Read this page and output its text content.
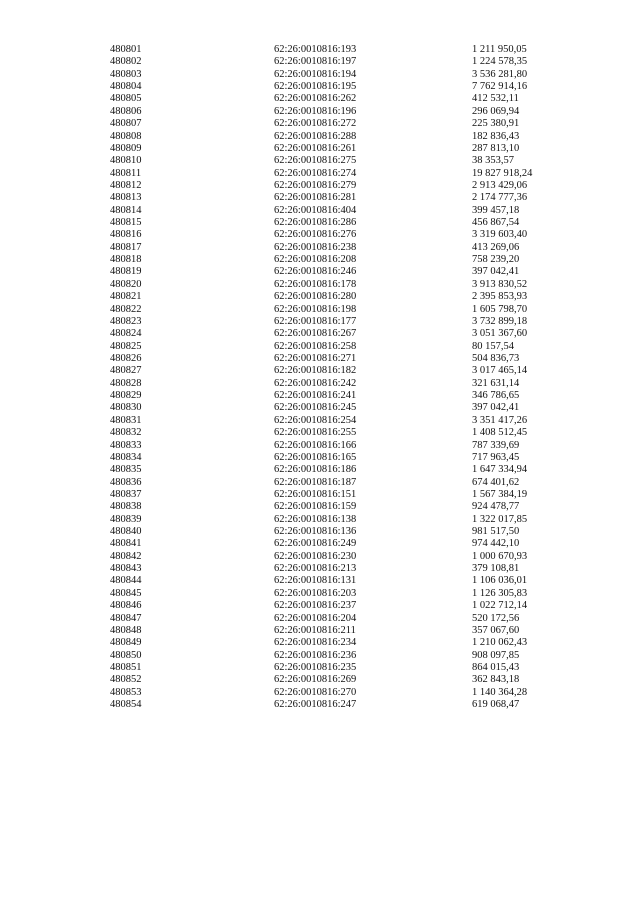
480801	62:26:0010816:193	1 211 950,05
480802	62:26:0010816:197	1 224 578,35
480803	62:26:0010816:194	3 536 281,80
480804	62:26:0010816:195	7 762 914,16
480805	62:26:0010816:262	412 532,11
480806	62:26:0010816:196	296 069,94
480807	62:26:0010816:272	225 380,91
480808	62:26:0010816:288	182 836,43
480809	62:26:0010816:261	287 813,10
480810	62:26:0010816:275	38 353,57
480811	62:26:0010816:274	19 827 918,24
480812	62:26:0010816:279	2 913 429,06
480813	62:26:0010816:281	2 174 777,36
480814	62:26:0010816:404	399 457,18
480815	62:26:0010816:286	456 867,54
480816	62:26:0010816:276	3 319 603,40
480817	62:26:0010816:238	413 269,06
480818	62:26:0010816:208	758 239,20
480819	62:26:0010816:246	397 042,41
480820	62:26:0010816:178	3 913 830,52
480821	62:26:0010816:280	2 395 853,93
480822	62:26:0010816:198	1 605 798,70
480823	62:26:0010816:177	3 732 899,18
480824	62:26:0010816:267	3 051 367,60
480825	62:26:0010816:258	80 157,54
480826	62:26:0010816:271	504 836,73
480827	62:26:0010816:182	3 017 465,14
480828	62:26:0010816:242	321 631,14
480829	62:26:0010816:241	346 786,65
480830	62:26:0010816:245	397 042,41
480831	62:26:0010816:254	3 351 417,26
480832	62:26:0010816:255	1 408 512,45
480833	62:26:0010816:166	787 339,69
480834	62:26:0010816:165	717 963,45
480835	62:26:0010816:186	1 647 334,94
480836	62:26:0010816:187	674 401,62
480837	62:26:0010816:151	1 567 384,19
480838	62:26:0010816:159	924 478,77
480839	62:26:0010816:138	1 322 017,85
480840	62:26:0010816:136	981 517,50
480841	62:26:0010816:249	974 442,10
480842	62:26:0010816:230	1 000 670,93
480843	62:26:0010816:213	379 108,81
480844	62:26:0010816:131	1 106 036,01
480845	62:26:0010816:203	1 126 305,83
480846	62:26:0010816:237	1 022 712,14
480847	62:26:0010816:204	520 172,56
480848	62:26:0010816:211	357 067,60
480849	62:26:0010816:234	1 210 062,43
480850	62:26:0010816:236	908 097,85
480851	62:26:0010816:235	864 015,43
480852	62:26:0010816:269	362 843,18
480853	62:26:0010816:270	1 140 364,28
480854	62:26:0010816:247	619 068,47
